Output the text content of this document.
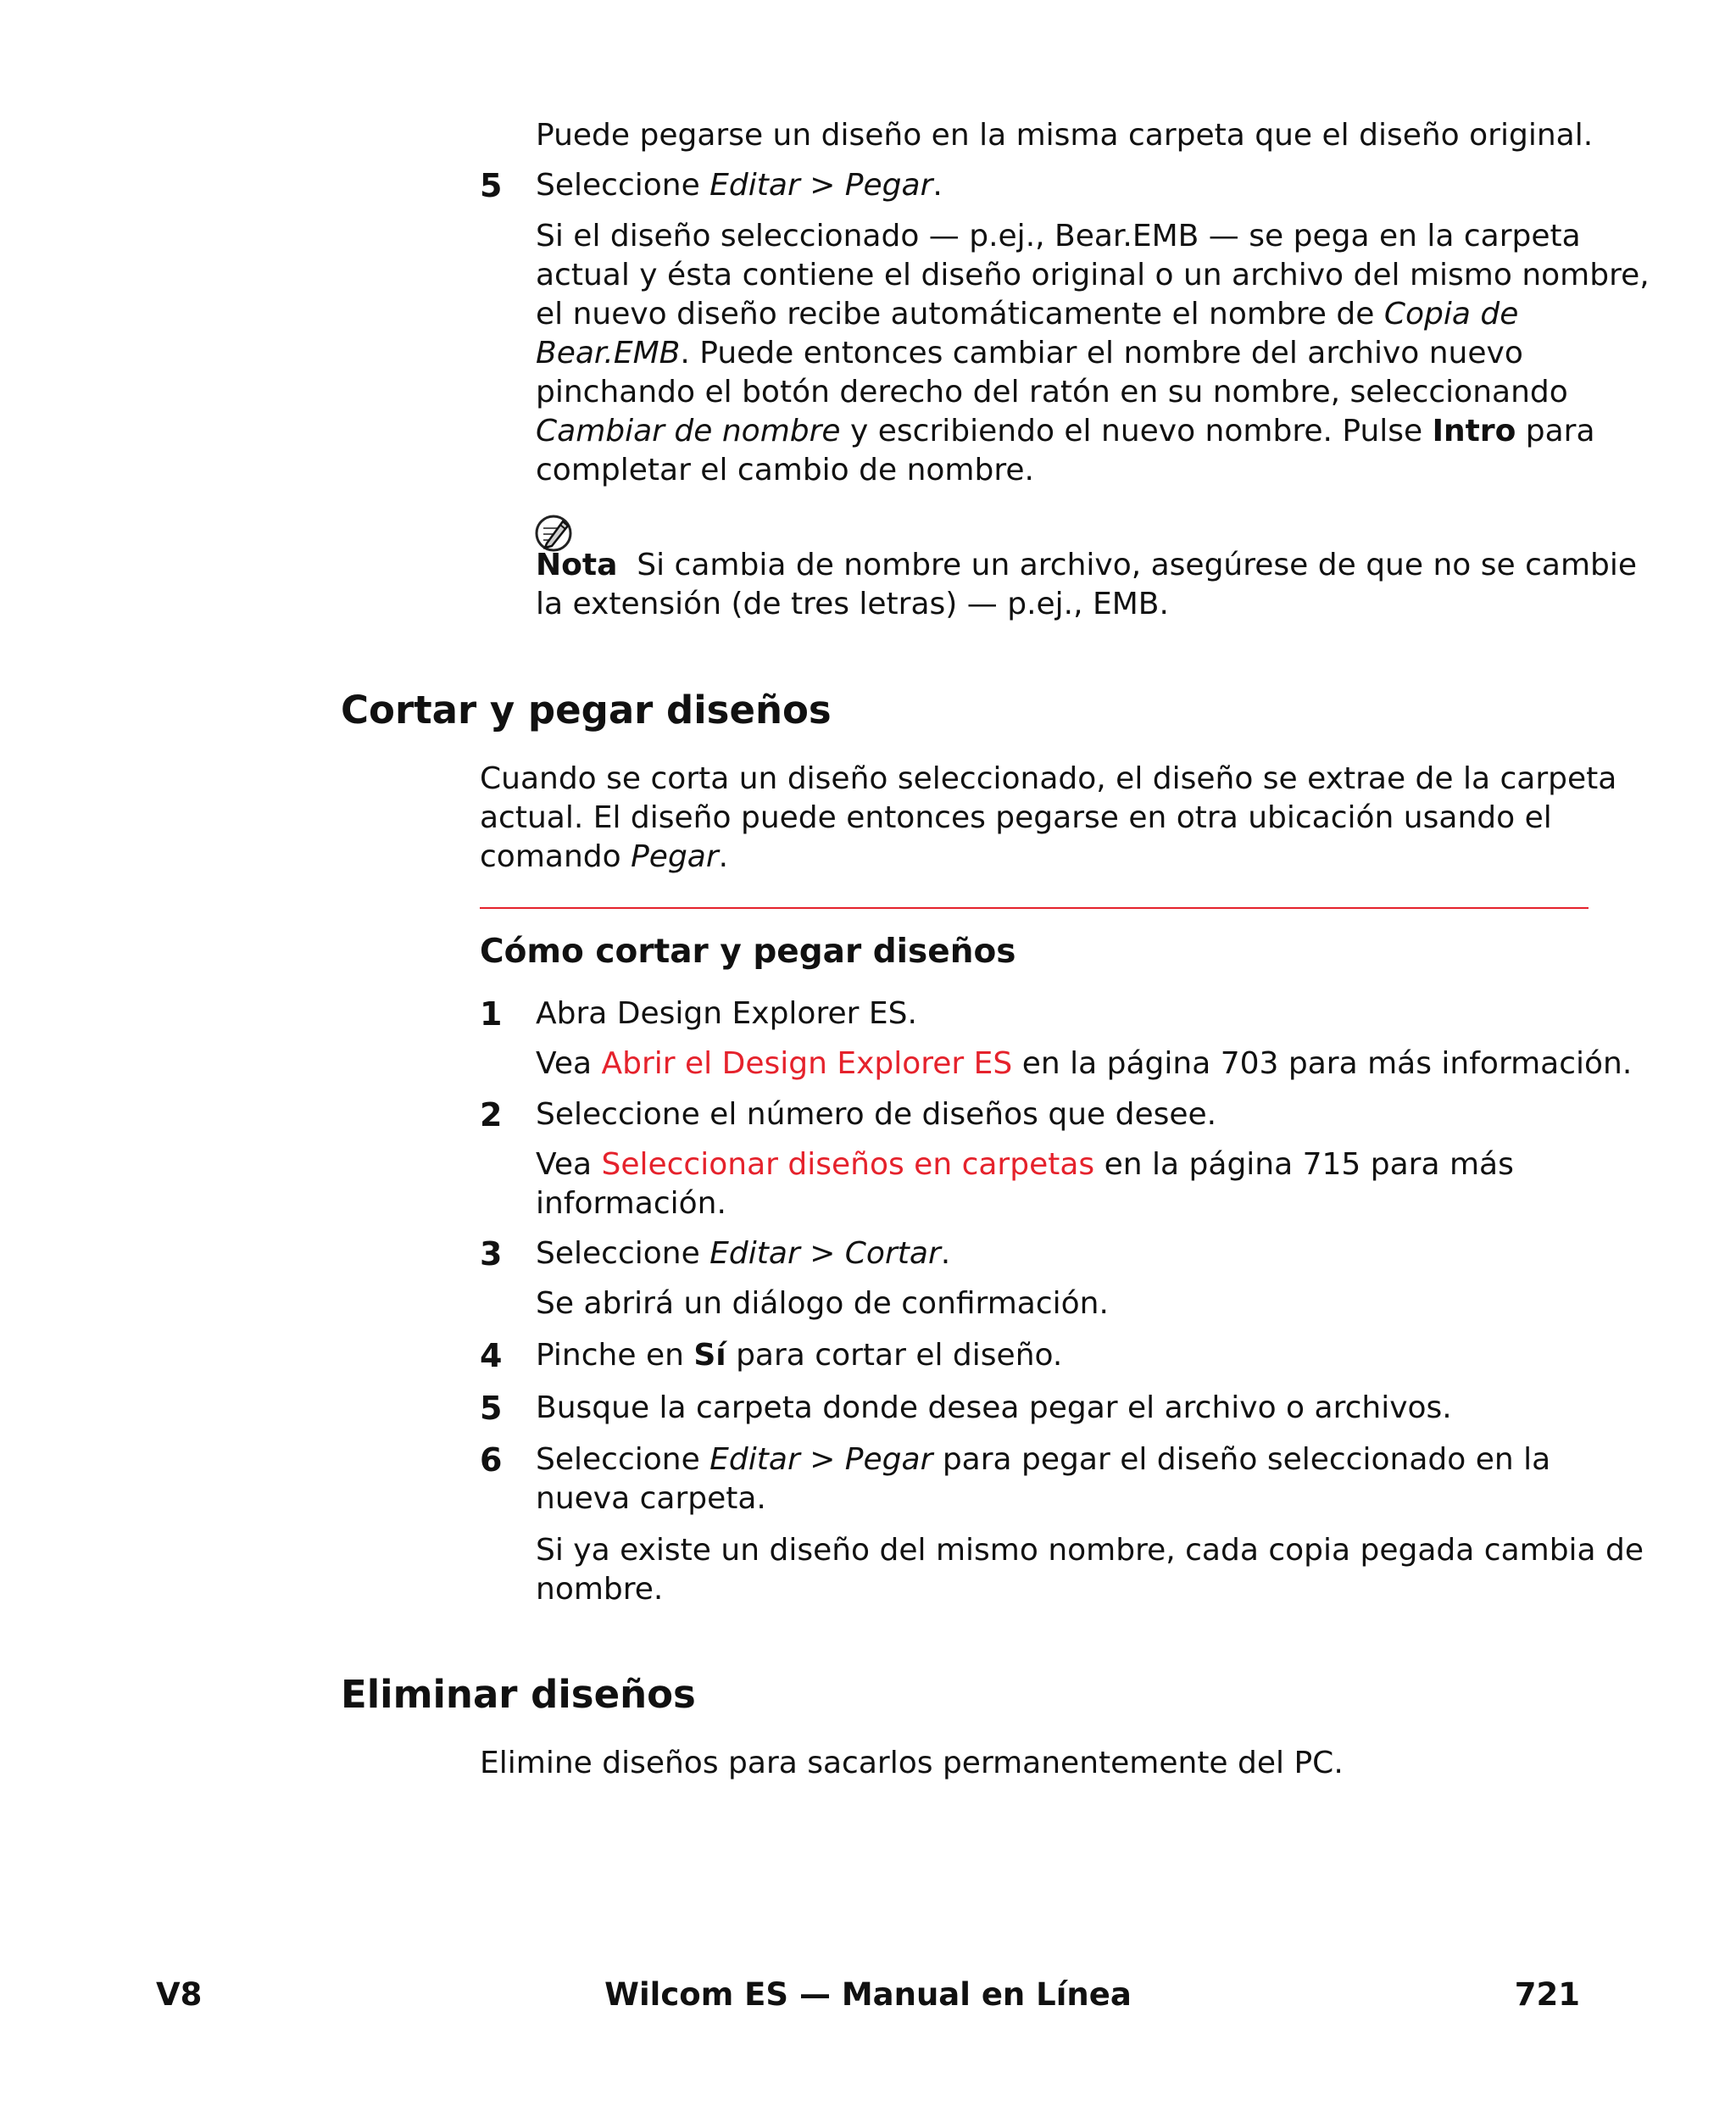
Puede pegarse un diseño en la misma carpeta que el diseño original.

5 Seleccione Editar > Pegar.

Si el diseño seleccionado — p.ej., Bear.EMB — se pega en la carpeta
actual y ésta contiene el diseño original o un archivo del mismo nombre,
el nuevo diseño recibe automáticamente el nombre de Copia de
Bear.EMB. Puede entonces cambiar el nombre del archivo nuevo
pinchando el botón derecho del ratón en su nombre, seleccionando
Cambiar de nombre y escribiendo el nuevo nombre. Pulse Intro para
completar el cambio de nombre.

Nota  Si cambia de nombre un archivo, asegúrese de que no se cambie
la extensión (de tres letras) — p.ej., EMB.

Cortar y pegar diseños

Cuando se corta un diseño seleccionado, el diseño se extrae de la carpeta
actual. El diseño puede entonces pegarse en otra ubicación usando el
comando Pegar.

Cómo cortar y pegar diseños
1 Abra Design Explorer ES.

Vea Abrir el Design Explorer ES en la página 703 para más información.

2 Seleccione el número de diseños que desee.

Vea Seleccionar diseños en carpetas en la página 715 para más
información.

3 Seleccione Editar > Cortar.

Se abrirá un diálogo de confirmación.

4 Pinche en Sí para cortar el diseño.

5 Busque la carpeta donde desea pegar el archivo o archivos.

6 Seleccione Editar > Pegar para pegar el diseño seleccionado en la
nueva carpeta.

Si ya existe un diseño del mismo nombre, cada copia pegada cambia de
nombre.

Eliminar diseños

Elimine diseños para sacarlos permanentemente del PC.

V8	Wilcom ES — Manual en Línea	721
